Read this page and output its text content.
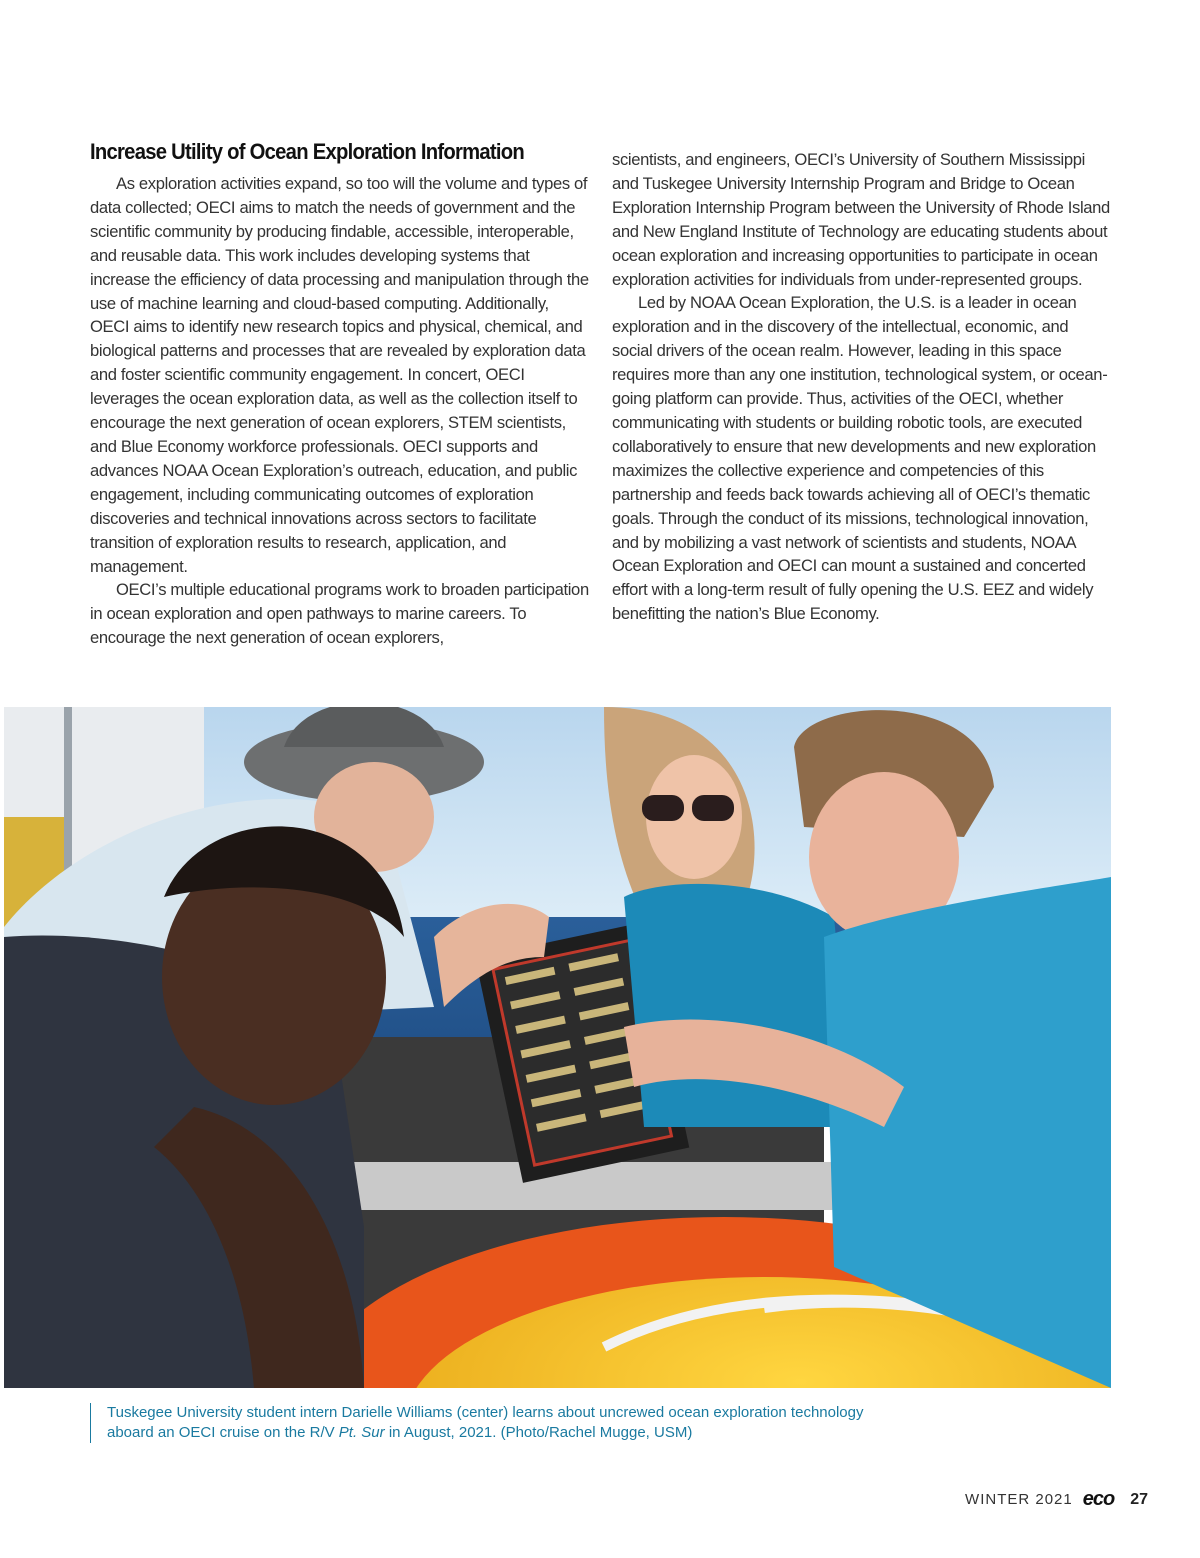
Increase Utility of Ocean Exploration Information

As exploration activities expand, so too will the volume and types of data collected; OECI aims to match the needs of government and the scientific community by producing findable, accessible, interoperable, and reusable data. This work includes developing systems that increase the efficiency of data processing and manipulation through the use of machine learning and cloud-based computing. Additionally, OECI aims to identify new research topics and physical, chemical, and biological patterns and processes that are revealed by exploration data and foster scientific community engagement. In concert, OECI leverages the ocean exploration data, as well as the collection itself to encourage the next generation of ocean explorers, STEM scientists, and Blue Economy workforce professionals. OECI supports and advances NOAA Ocean Exploration’s outreach, education, and public engagement, including communicating outcomes of exploration discoveries and technical innovations across sectors to facilitate transition of exploration results to research, application, and management.

OECI’s multiple educational programs work to broaden participation in ocean exploration and open pathways to marine careers. To encourage the next generation of ocean explorers,

scientists, and engineers, OECI’s University of Southern Mississippi and Tuskegee University Internship Program and Bridge to Ocean Exploration Internship Program between the University of Rhode Island and New England Institute of Technology are educating students about ocean exploration and increasing opportunities to participate in ocean exploration activities for individuals from under-represented groups.

Led by NOAA Ocean Exploration, the U.S. is a leader in ocean exploration and in the discovery of the intellectual, economic, and social drivers of the ocean realm. However, leading in this space requires more than any one institution, technological system, or ocean-going platform can provide. Thus, activities of the OECI, whether communicating with students or building robotic tools, are executed collaboratively to ensure that new developments and new exploration maximizes the collective experience and competencies of this partnership and feeds back towards achieving all of OECI’s thematic goals. Through the conduct of its missions, technological innovation, and by mobilizing a vast network of scientists and students, NOAA Ocean Exploration and OECI can mount a sustained and concerted effort with a long-term result of fully opening the U.S. EEZ and widely benefitting the nation’s Blue Economy.

Tuskegee University student intern Darielle Williams (center) learns about uncrewed ocean exploration technology aboard an OECI cruise on the R/V Pt. Sur in August, 2021. (Photo/Rachel Mugge, USM)
WINTER 2021 eco 27
